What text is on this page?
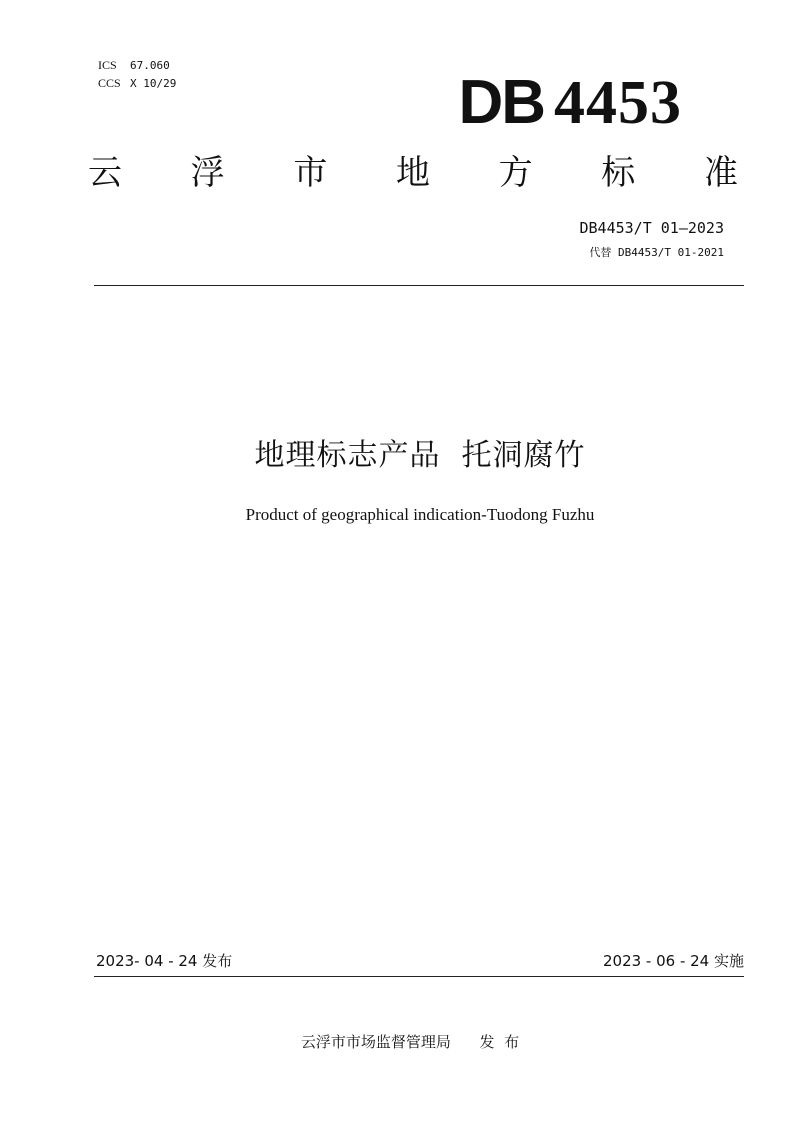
ICS 67.060

CCS X 10/29	DB 4453
云 浮 市 地 方 标 准
DB4453/T 01—2023
代替 DB4453/T 01-2021
地理标志产品  托洞腐竹
Product of geographical indication-Tuodong Fuzhu
2023- 04 - 24 发布	2023 - 06 - 24 实施
云浮市市场监督管理局      发  布
